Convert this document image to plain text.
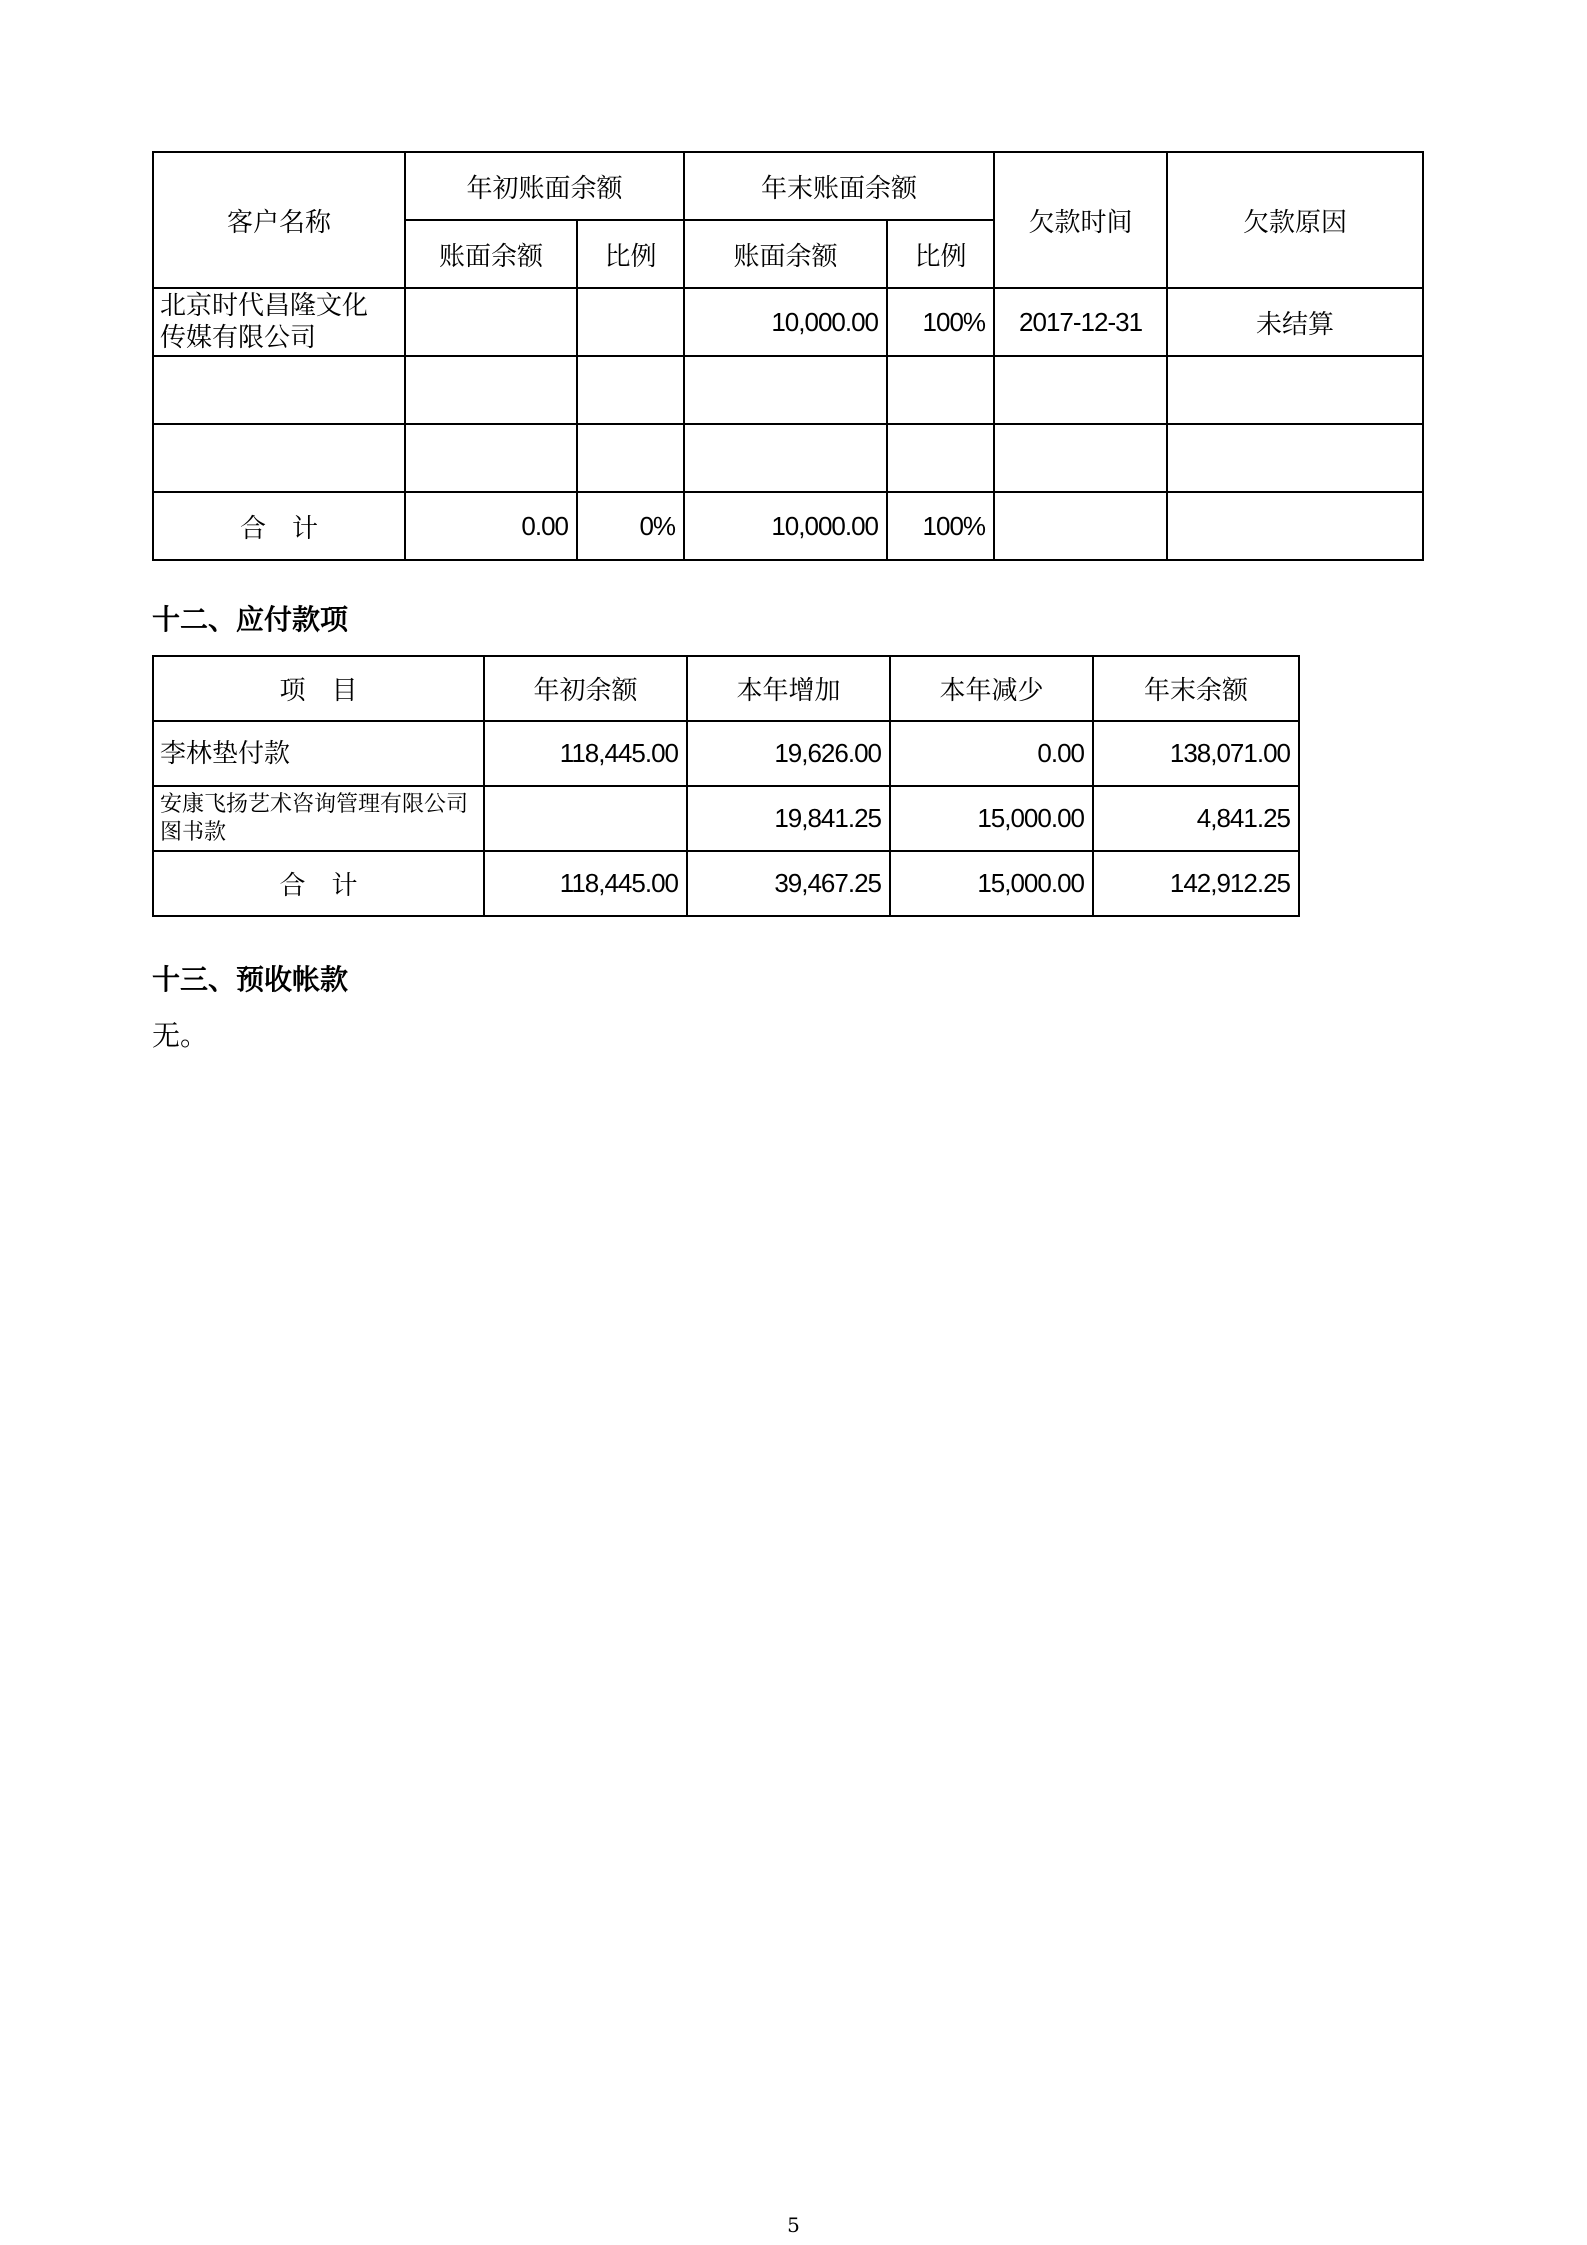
客户名称	年初账面余额		年末账面余额		欠款时间	欠款原因
	账面余额	比例	账面余额	比例		

北京时代昌隆文化
传媒有限公司			10,000.00	100%	2017-12-31	未结算

合　计	0.00	0%	10,000.00	100%		
十二、应付款项
项　目	年初余额	本年增加	本年减少	年末余额
李林垫付款	118,445.00	19,626.00	0.00	138,071.00
安康飞扬艺术咨询管理有限公司图书款		19,841.25	15,000.00	4,841.25
合　计	118,445.00	39,467.25	15,000.00	142,912.25
十三、预收帐款

无。

5
